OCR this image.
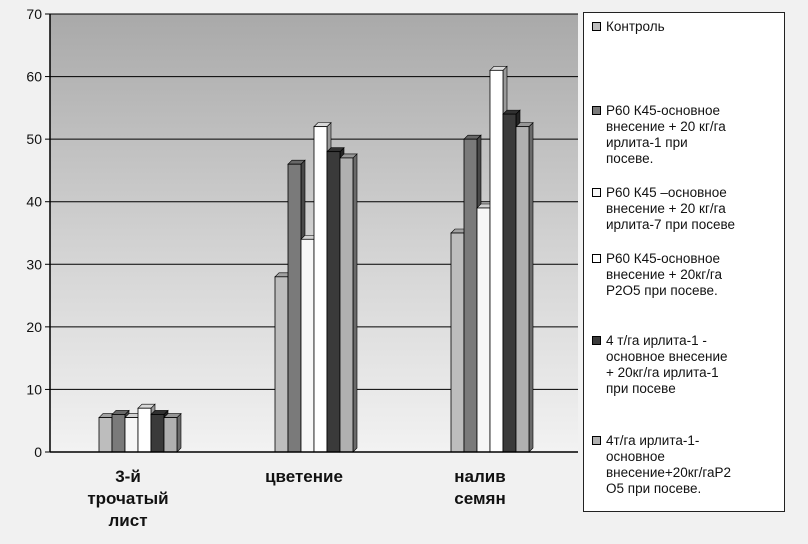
0
10
20
30
40
50
60
70
3-й трочатый лист
цветение	налив семян
Контроль
Р60 К45-основное
внесение + 20 кг/га
ирлита-1 при
посеве.
Р60 К45 –основное
внесение + 20 кг/га
ирлита-7 при посеве
Р60 К45-основное
внесение + 20кг/га
Р2О5 при посеве.
4 т/га ирлита-1 -
основное внесение
+ 20кг/га ирлита-1
при посеве
4т/га ирлита-1-
основное
внесение+20кг/гаР2
О5 при посеве.
